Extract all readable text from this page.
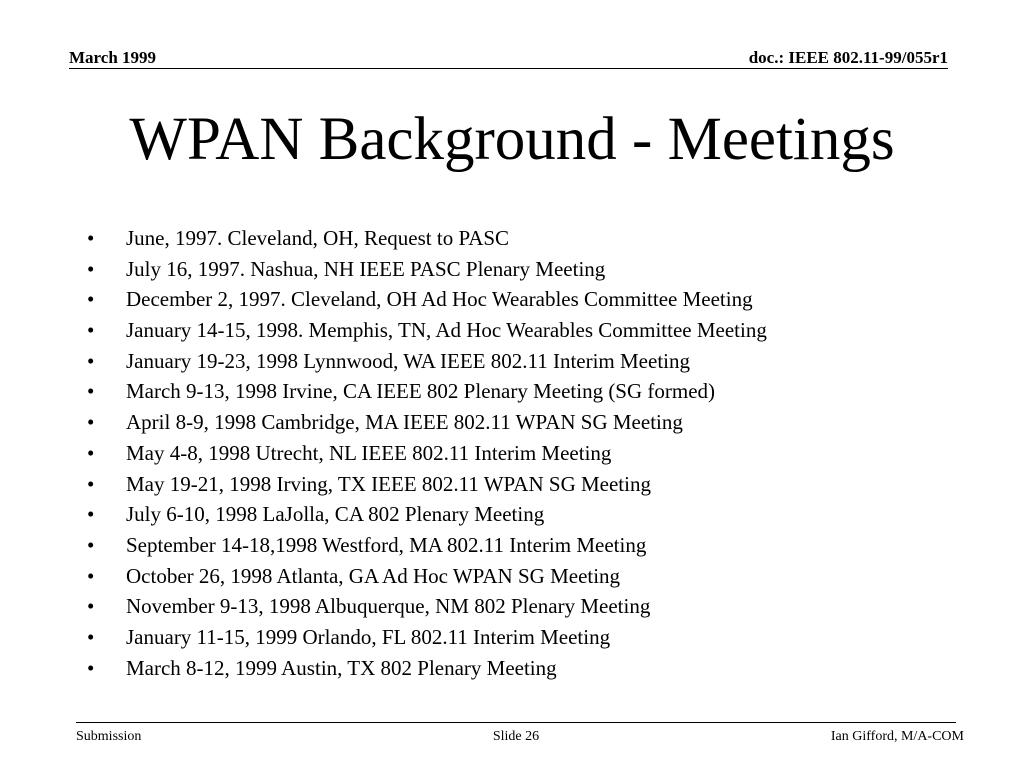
March 1999	doc.: IEEE 802.11-99/055r1
WPAN Background - Meetings
•	June, 1997. Cleveland, OH, Request to PASC
•	July 16, 1997. Nashua, NH IEEE PASC Plenary Meeting
•	December 2, 1997. Cleveland, OH Ad Hoc Wearables Committee Meeting
•	January 14-15, 1998. Memphis, TN, Ad Hoc Wearables Committee Meeting
•	January 19-23, 1998 Lynnwood, WA IEEE 802.11 Interim Meeting
•	March 9-13, 1998 Irvine, CA IEEE 802 Plenary Meeting (SG formed)
•	April 8-9, 1998 Cambridge, MA IEEE 802.11 WPAN SG Meeting
•	May 4-8, 1998 Utrecht, NL IEEE 802.11 Interim Meeting
•	May 19-21, 1998 Irving, TX IEEE 802.11 WPAN SG Meeting
•	July 6-10, 1998 LaJolla, CA 802 Plenary Meeting
•	September 14-18,1998 Westford, MA 802.11 Interim Meeting
•	October 26, 1998 Atlanta, GA Ad Hoc WPAN SG Meeting
•	November 9-13, 1998 Albuquerque, NM 802 Plenary Meeting
•	January 11-15, 1999 Orlando, FL 802.11 Interim Meeting
•	March 8-12, 1999 Austin, TX 802 Plenary Meeting
Submission	Slide 26	Ian Gifford, M/A-COM
